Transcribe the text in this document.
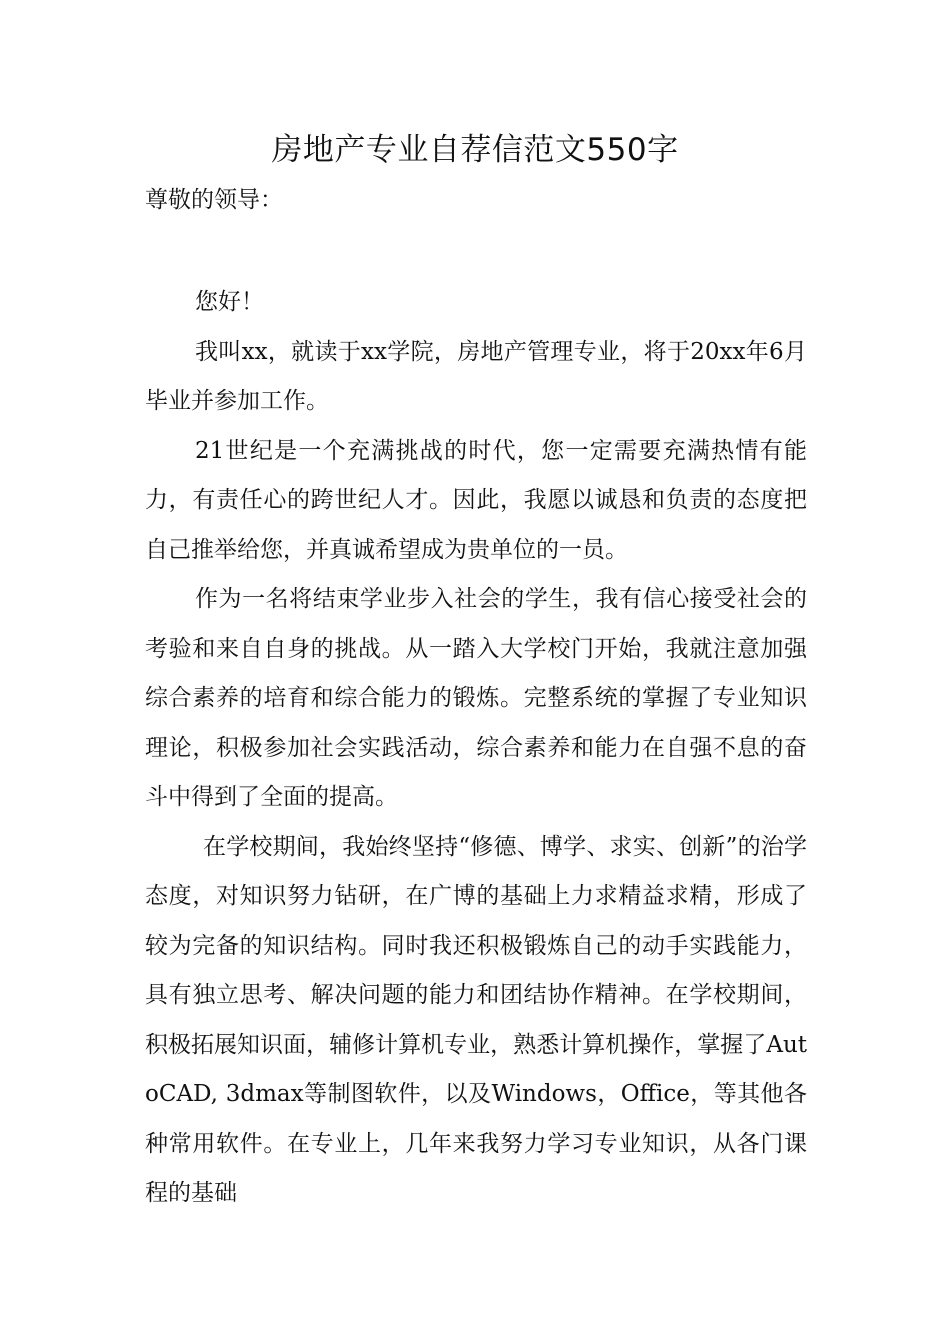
房地产专业自荐信范文550字

尊敬的领导：

您好！

我叫xx，就读于xx学院，房地产管理专业，将于20xx年6月毕业并参加工作。

21世纪是一个充满挑战的时代，您一定需要充满热情有能力，有责任心的跨世纪人才。因此，我愿以诚恳和负责的态度把自己推举给您，并真诚希望成为贵单位的一员。

作为一名将结束学业步入社会的学生，我有信心接受社会的考验和来自自身的挑战。从一踏入大学校门开始，我就注意加强综合素养的培育和综合能力的锻炼。完整系统的掌握了专业知识理论，积极参加社会实践活动，综合素养和能力在自强不息的奋斗中得到了全面的提高。

在学校期间，我始终坚持“修德、博学、求实、创新”的治学态度，对知识努力钻研，在广博的基础上力求精益求精，形成了较为完备的知识结构。同时我还积极锻炼自己的动手实践能力，具有独立思考、解决问题的能力和团结协作精神。在学校期间，积极拓展知识面，辅修计算机专业，熟悉计算机操作，掌握了AutoCAD, 3dmax等制图软件，以及Windows，Office，等其他各种常用软件。在专业上，几年来我努力学习专业知识，从各门课程的基础
